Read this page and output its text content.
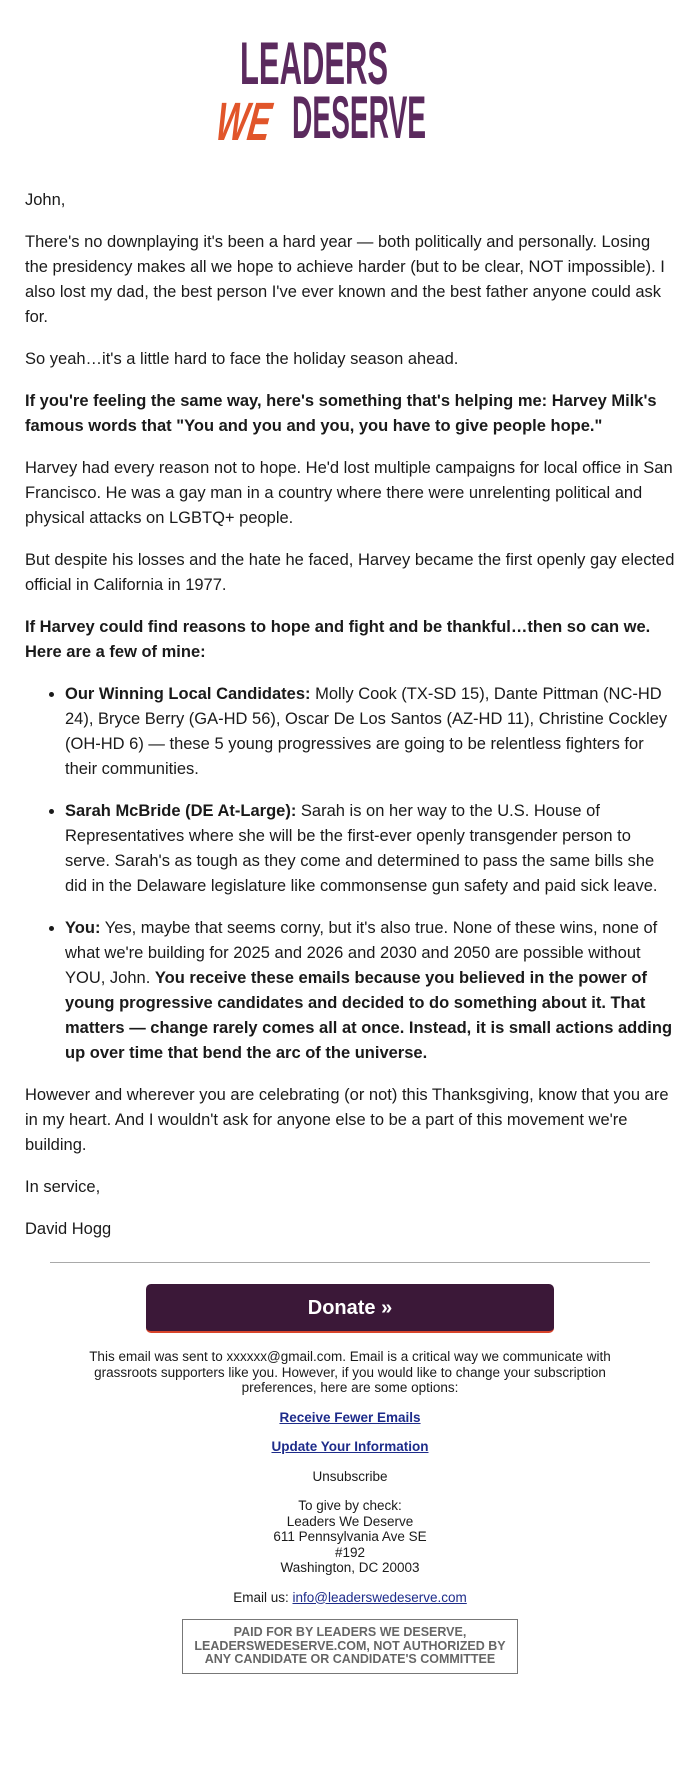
LEADERS
WE
DESERVE

John,

There's no downplaying it's been a hard year — both politically and personally. Losing the presidency makes all we hope to achieve harder (but to be clear, NOT impossible). I also lost my dad, the best person I've ever known and the best father anyone could ask for.

So yeah…it's a little hard to face the holiday season ahead.

If you're feeling the same way, here's something that's helping me: Harvey Milk's famous words that "You and you and you, you have to give people hope."

Harvey had every reason not to hope. He'd lost multiple campaigns for local office in San Francisco. He was a gay man in a country where there were unrelenting political and physical attacks on LGBTQ+ people.

But despite his losses and the hate he faced, Harvey became the first openly gay elected official in California in 1977.

If Harvey could find reasons to hope and fight and be thankful…then so can we. Here are a few of mine:

• Our Winning Local Candidates: Molly Cook (TX-SD 15), Dante Pittman (NC-HD 24), Bryce Berry (GA-HD 56), Oscar De Los Santos (AZ-HD 11), Christine Cockley (OH-HD 6) — these 5 young progressives are going to be relentless fighters for their communities.
• Sarah McBride (DE At-Large): Sarah is on her way to the U.S. House of Representatives where she will be the first-ever openly transgender person to serve. Sarah's as tough as they come and determined to pass the same bills she did in the Delaware legislature like commonsense gun safety and paid sick leave.
• You: Yes, maybe that seems corny, but it's also true. None of these wins, none of what we're building for 2025 and 2026 and 2030 and 2050 are possible without YOU, John. You receive these emails because you believed in the power of young progressive candidates and decided to do something about it. That matters — change rarely comes all at once. Instead, it is small actions adding up over time that bend the arc of the universe.

However and wherever you are celebrating (or not) this Thanksgiving, know that you are in my heart. And I wouldn't ask for anyone else to be a part of this movement we're building.

In service,

David Hogg

Donate »

This email was sent to xxxxxx@gmail.com. Email is a critical way we communicate with grassroots supporters like you. However, if you would like to change your subscription preferences, here are some options:

Receive Fewer Emails

Update Your Information

Unsubscribe

To give by check:
Leaders We Deserve
611 Pennsylvania Ave SE
#192
Washington, DC 20003

Email us: info@leaderswedeserve.com

PAID FOR BY LEADERS WE DESERVE, LEADERSWEDESERVE.COM, NOT AUTHORIZED BY ANY CANDIDATE OR CANDIDATE'S COMMITTEE
